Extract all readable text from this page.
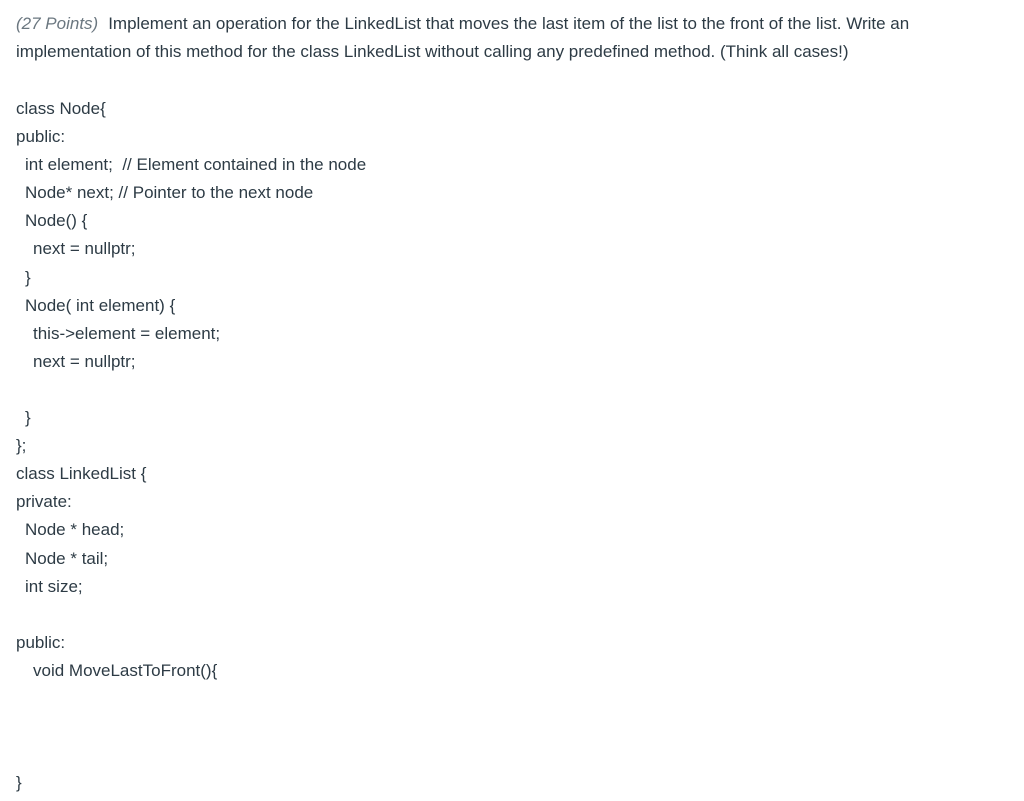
(27 Points) Implement an operation for the LinkedList that moves the last item of the list to the front of the list. Write an implementation of this method for the class LinkedList without calling any predefined method. (Think all cases!)
class Node{
public:
int element;  // Element contained in the node
Node* next; // Pointer to the next node
Node() {
next = nullptr;
}
Node( int element) {
this->element = element;
next = nullptr;
}
};
class LinkedList {
private:
Node * head;
Node * tail;
int size;
public:
void MoveLastToFront(){
}
